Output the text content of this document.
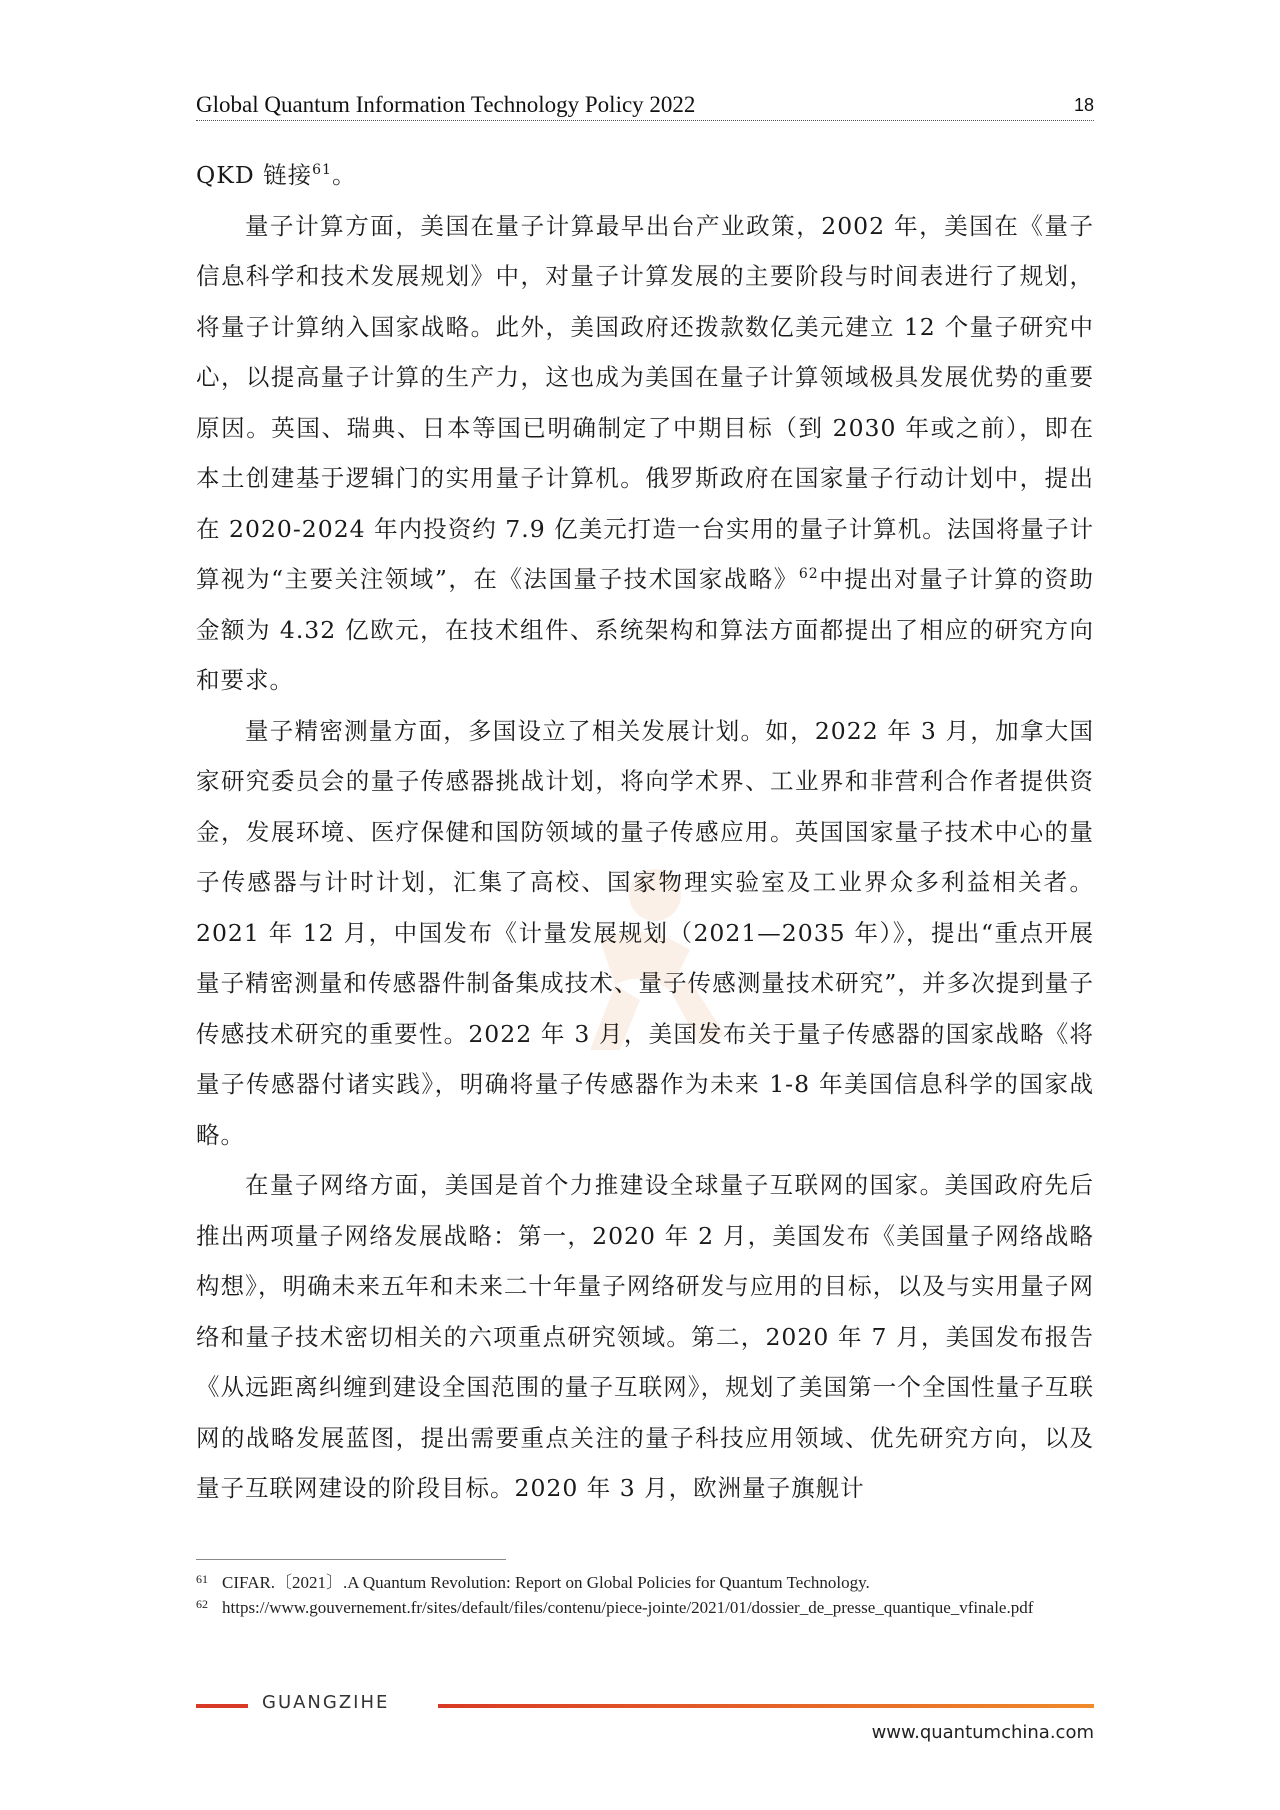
Global Quantum Information Technology Policy 2022	18

QKD 链接$^{61}$。

量子计算方面，美国在量子计算最早出台产业政策，2002 年，美国在《量子信息科学和技术发展规划》中，对量子计算发展的主要阶段与时间表进行了规划，将量子计算纳入国家战略。此外，美国政府还拨款数亿美元建立 12 个量子研究中心，以提高量子计算的生产力，这也成为美国在量子计算领域极具发展优势的重要原因。英国、瑞典、日本等国已明确制定了中期目标（到 2030 年或之前），即在本土创建基于逻辑门的实用量子计算机。俄罗斯政府在国家量子行动计划中，提出在 2020-2024 年内投资约 7.9 亿美元打造一台实用的量子计算机。法国将量子计算视为“主要关注领域”，在《法国量子技术国家战略》$^{62}$中提出对量子计算的资助金额为 4.32 亿欧元，在技术组件、系统架构和算法方面都提出了相应的研究方向和要求。

量子精密测量方面，多国设立了相关发展计划。如，2022 年 3 月，加拿大国家研究委员会的量子传感器挑战计划，将向学术界、工业界和非营利合作者提供资金，发展环境、医疗保健和国防领域的量子传感应用。英国国家量子技术中心的量子传感器与计时计划，汇集了高校、国家物理实验室及工业界众多利益相关者。2021 年 12 月，中国发布《计量发展规划（2021—2035 年）》，提出“重点开展量子精密测量和传感器件制备集成技术、量子传感测量技术研究”，并多次提到量子传感技术研究的重要性。2022 年 3 月，美国发布关于量子传感器的国家战略《将量子传感器付诸实践》，明确将量子传感器作为未来 1-8 年美国信息科学的国家战略。

在量子网络方面，美国是首个力推建设全球量子互联网的国家。美国政府先后推出两项量子网络发展战略：第一，2020 年 2 月，美国发布《美国量子网络战略构想》，明确未来五年和未来二十年量子网络研发与应用的目标，以及与实用量子网络和量子技术密切相关的六项重点研究领域。第二，2020 年 7 月，美国发布报告《从远距离纠缠到建设全国范围的量子互联网》，规划了美国第一个全国性量子互联网的战略发展蓝图，提出需要重点关注的量子科技应用领域、优先研究方向，以及量子互联网建设的阶段目标。2020 年 3 月，欧洲量子旗舰计

61 CIFAR.〔2021〕.A Quantum Revolution: Report on Global Policies for Quantum Technology.
62 https://www.gouvernement.fr/sites/default/files/contenu/piece-jointe/2021/01/dossier_de_presse_quantique_vfinale.pdf
GUANGZIHE
www.quantumchina.com
